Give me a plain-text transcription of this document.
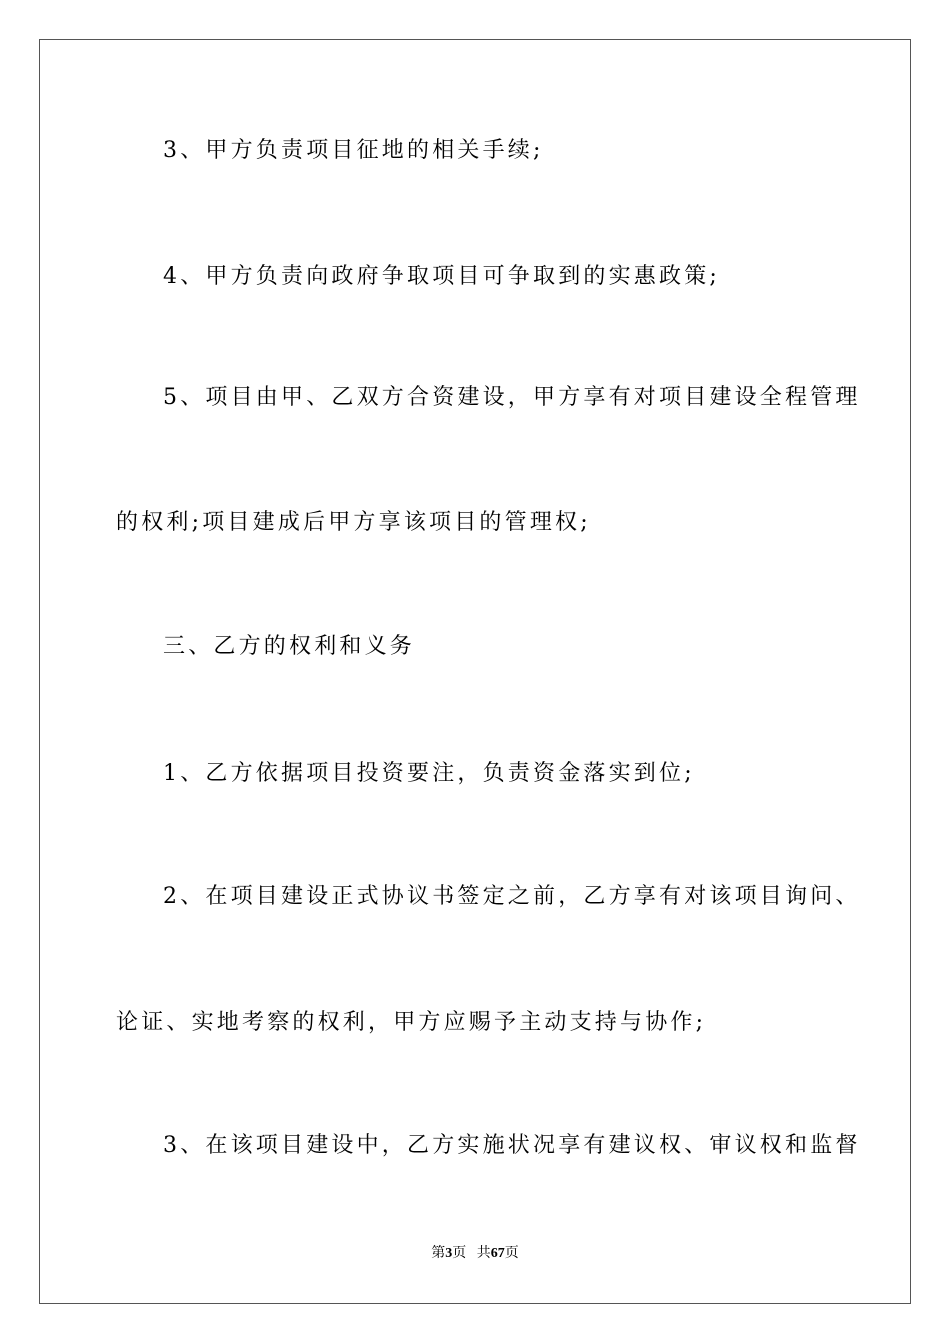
3、甲方负责项目征地的相关手续;
4、甲方负责向政府争取项目可争取到的实惠政策;
5、项目由甲、乙双方合资建设，甲方享有对项目建设全程管理
的权利;项目建成后甲方享该项目的管理权;
三、乙方的权利和义务
1、乙方依据项目投资要注，负责资金落实到位;
2、在项目建设正式协议书签定之前，乙方享有对该项目询问、
论证、实地考察的权利，甲方应赐予主动支持与协作;
3、在该项目建设中，乙方实施状况享有建议权、审议权和监督
第3页 共67页
